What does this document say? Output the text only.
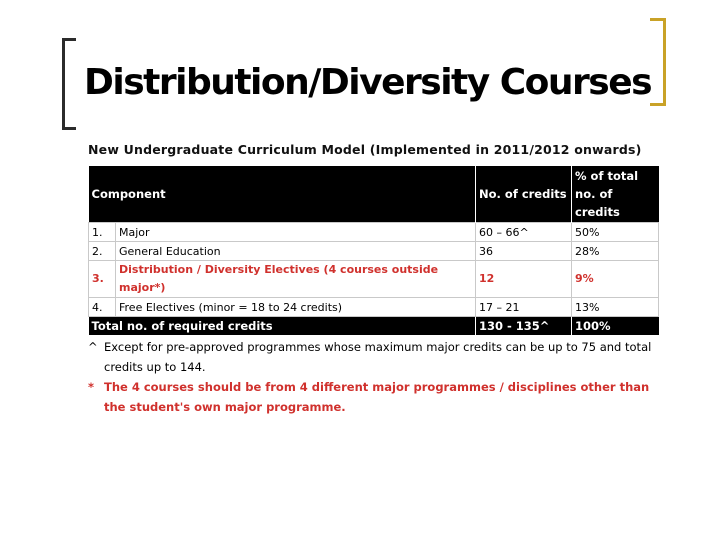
Distribution/Diversity Courses
New Undergraduate Curriculum Model (Implemented in 2011/2012 onwards)
Component		No. of credits	% of total no. of credits
1.	Major	60 – 66^	50%
2.	General Education	36	28%
3.	Distribution / Diversity Electives (4 courses outside major*)	12	9%
4.	Free Electives (minor = 18 to 24 credits)	17 – 21	13%
Total no. of required credits		130 - 135^	100%
^ Except for pre-approved programmes whose maximum major credits can be up to 75 and total credits up to 144.
* The 4 courses should be from 4 different major programmes / disciplines other than the student's own major programme.
